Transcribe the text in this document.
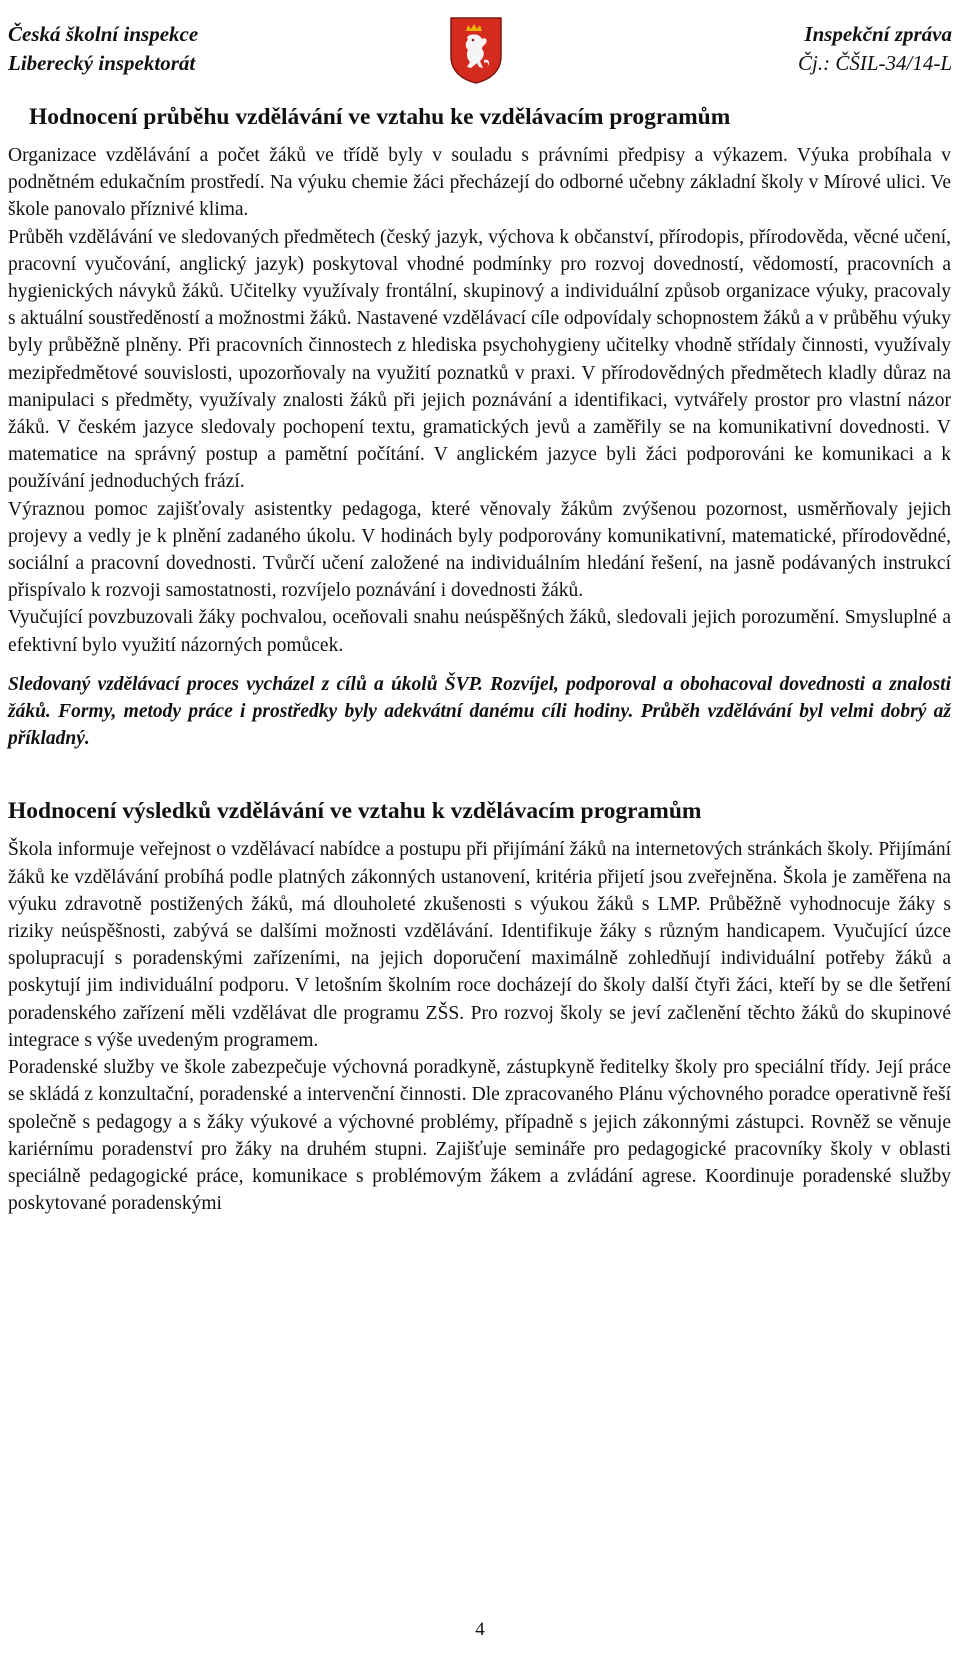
Česká školní inspekce
Liberecký inspektorát
Inspekční zpráva
Čj.: ČŠIL-34/14-L
Hodnocení průběhu vzdělávání ve vztahu ke vzdělávacím programům

Organizace vzdělávání a počet žáků ve třídě byly v souladu s právními předpisy a výkazem. Výuka probíhala v podnětném edukačním prostředí. Na výuku chemie žáci přecházejí do odborné učebny základní školy v Mírové ulici. Ve škole panovalo příznivé klima.

Průběh vzdělávání ve sledovaných předmětech (český jazyk, výchova k občanství, přírodopis, přírodověda, věcné učení, pracovní vyučování, anglický jazyk) poskytoval vhodné podmínky pro rozvoj dovedností, vědomostí, pracovních a hygienických návyků žáků. Učitelky využívaly frontální, skupinový a individuální způsob organizace výuky, pracovaly s aktuální soustředěností a možnostmi žáků. Nastavené vzdělávací cíle odpovídaly schopnostem žáků a v průběhu výuky byly průběžně plněny. Při pracovních činnostech z hlediska psychohygieny učitelky vhodně střídaly činnosti, využívaly mezipředmětové souvislosti, upozorňovaly na využití poznatků v praxi. V přírodovědných předmětech kladly důraz na manipulaci s předměty, využívaly znalosti žáků při jejich poznávání a identifikaci, vytvářely prostor pro vlastní názor žáků. V českém jazyce sledovaly pochopení textu, gramatických jevů a zaměřily se na komunikativní dovednosti. V matematice na správný postup a pamětní počítání. V anglickém jazyce byli žáci podporováni ke komunikaci a k používání jednoduchých frází.

Výraznou pomoc zajišťovaly asistentky pedagoga, které věnovaly žákům zvýšenou pozornost, usměrňovaly jejich projevy a vedly je k plnění zadaného úkolu. V hodinách byly podporovány komunikativní, matematické, přírodovědné, sociální a pracovní dovednosti. Tvůrčí učení založené na individuálním hledání řešení, na jasně podávaných instrukcí přispívalo k rozvoji samostatnosti, rozvíjelo poznávání i dovednosti žáků.

Vyučující povzbuzovali žáky pochvalou, oceňovali snahu neúspěšných žáků, sledovali jejich porozumění. Smysluplné a efektivní bylo využití názorných pomůcek.

Sledovaný vzdělávací proces vycházel z cílů a úkolů ŠVP. Rozvíjel, podporoval a obohacoval dovednosti a znalosti žáků. Formy, metody práce i prostředky byly adekvátní danému cíli hodiny. Průběh vzdělávání byl velmi dobrý až příkladný.

Hodnocení výsledků vzdělávání ve vztahu k vzdělávacím programům

Škola informuje veřejnost o vzdělávací nabídce a postupu při přijímání žáků na internetových stránkách školy. Přijímání žáků ke vzdělávání probíhá podle platných zákonných ustanovení, kritéria přijetí jsou zveřejněna. Škola je zaměřena na výuku zdravotně postižených žáků, má dlouholeté zkušenosti s výukou žáků s LMP. Průběžně vyhodnocuje žáky s riziky neúspěšnosti, zabývá se dalšími možnosti vzdělávání. Identifikuje žáky s různým handicapem. Vyučující úzce spolupracují s poradenskými zařízeními, na jejich doporučení maximálně zohledňují individuální potřeby žáků a poskytují jim individuální podporu. V letošním školním roce docházejí do školy další čtyři žáci, kteří by se dle šetření poradenského zařízení měli vzdělávat dle programu ZŠS. Pro rozvoj školy se jeví začlenění těchto žáků do skupinové integrace s výše uvedeným programem.

Poradenské služby ve škole zabezpečuje výchovná poradkyně, zástupkyně ředitelky školy pro speciální třídy. Její práce se skládá z konzultační, poradenské a intervenční činnosti. Dle zpracovaného Plánu výchovného poradce operativně řeší společně s pedagogy a s žáky výukové a výchovné problémy, případně s jejich zákonnými zástupci. Rovněž se věnuje kariérnímu poradenství pro žáky na druhém stupni. Zajišťuje semináře pro pedagogické pracovníky školy v oblasti speciálně pedagogické práce, komunikace s problémovým žákem a zvládání agrese. Koordinuje poradenské služby poskytované poradenskými

4
